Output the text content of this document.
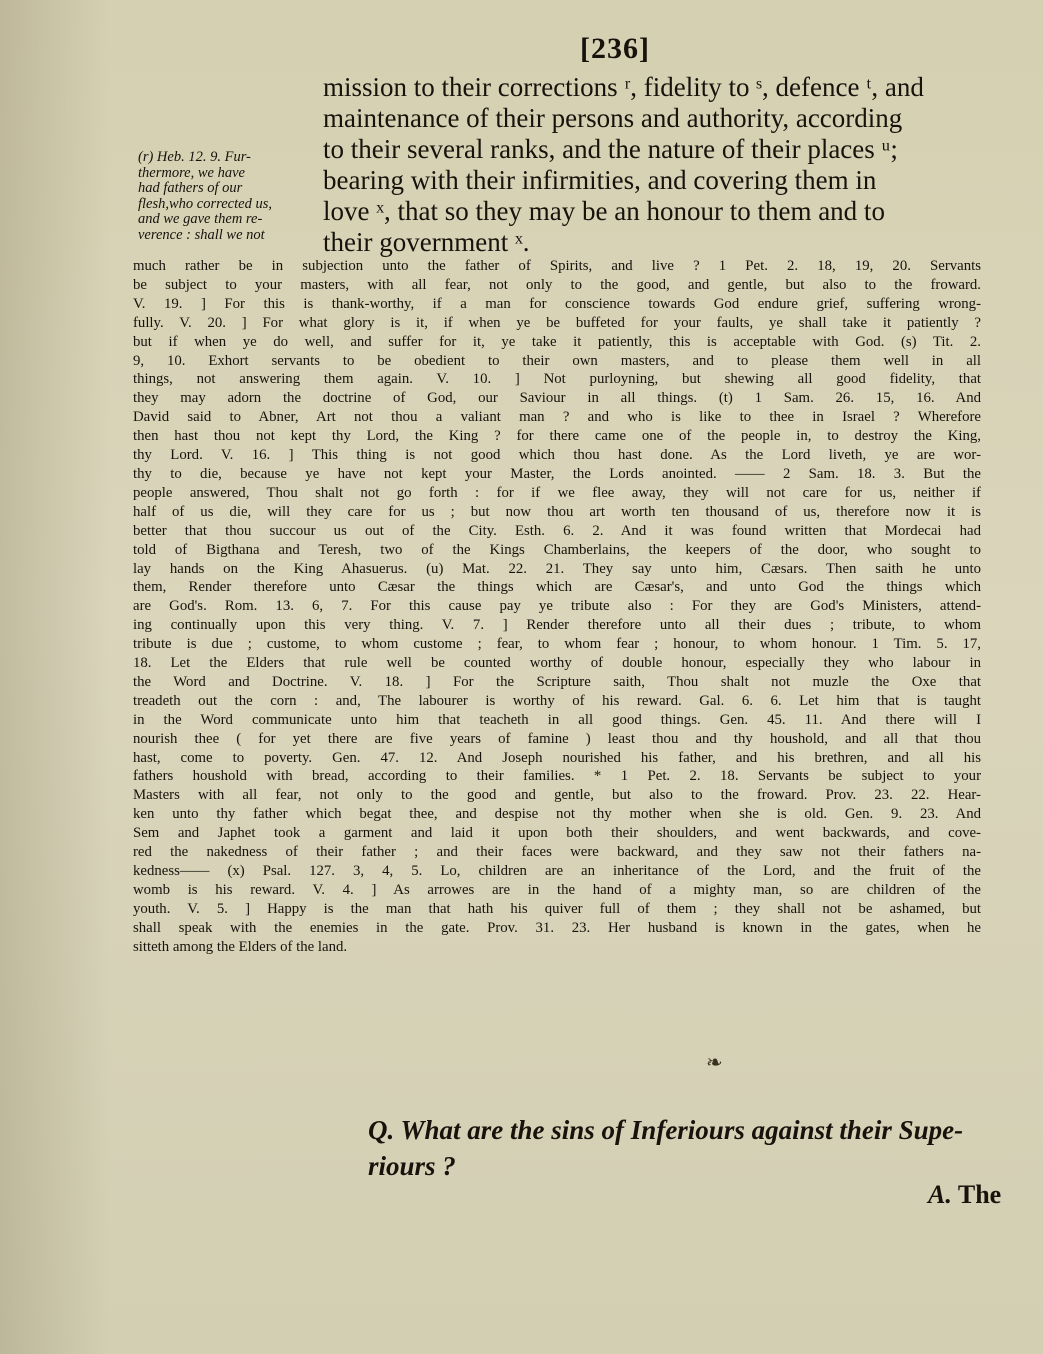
[236]
mission to their corrections ʳ, fidelity to ˢ, defence ᵗ, and
maintenance of their persons and authority, according
to their several ranks, and the nature of their places ᵘ;
bearing with their infirmities, and covering them in
love ˣ, that so they may be an honour to them and to
their government ˣ.
(r) Heb. 12. 9. Fur-
thermore, we have
had fathers of our
flesh,who corrected us,
and we gave them re-
verence : shall we not
much rather be in subjection unto the father of Spirits, and live ? 1 Pet. 2. 18, 19, 20. Servants
be subject to your masters, with all fear, not only to the good, and gentle, but also to the froward.
V. 19. ] For this is thank-worthy, if a man for conscience towards God endure grief, suffering wrong-
fully. V. 20. ] For what glory is it, if when ye be buffeted for your faults, ye shall take it patiently ?
but if when ye do well, and suffer for it, ye take it patiently, this is acceptable with God. (s) Tit. 2.
9, 10. Exhort servants to be obedient to their own masters, and to please them well in all
things, not answering them again. V. 10. ] Not purloyning, but shewing all good fidelity, that
they may adorn the doctrine of God, our Saviour in all things. (t) 1 Sam. 26. 15, 16. And
David said to Abner, Art not thou a valiant man ? and who is like to thee in Israel ? Wherefore
then hast thou not kept thy Lord, the King ? for there came one of the people in, to destroy the King,
thy Lord. V. 16. ] This thing is not good which thou hast done. As the Lord liveth, ye are wor-
thy to die, because ye have not kept your Master, the Lords anointed. —— 2 Sam. 18. 3. But the
people answered, Thou shalt not go forth : for if we flee away, they will not care for us, neither if
half of us die, will they care for us ; but now thou art worth ten thousand of us, therefore now it is
better that thou succour us out of the City. Esth. 6. 2. And it was found written that Mordecai had
told of Bigthana and Teresh, two of the Kings Chamberlains, the keepers of the door, who sought to
lay hands on the King Ahasuerus. (u) Mat. 22. 21. They say unto him, Cæsars. Then saith he unto
them, Render therefore unto Cæsar the things which are Cæsar's, and unto God the things which
are God's. Rom. 13. 6, 7. For this cause pay ye tribute also : For they are God's Ministers, attend-
ing continually upon this very thing. V. 7. ] Render therefore unto all their dues ; tribute, to whom
tribute is due ; custome, to whom custome ; fear, to whom fear ; honour, to whom honour. 1 Tim. 5. 17,
18. Let the Elders that rule well be counted worthy of double honour, especially they who labour in
the Word and Doctrine. V. 18. ] For the Scripture saith, Thou shalt not muzle the Oxe that
treadeth out the corn : and, The labourer is worthy of his reward. Gal. 6. 6. Let him that is taught
in the Word communicate unto him that teacheth in all good things. Gen. 45. 11. And there will I
nourish thee ( for yet there are five years of famine ) least thou and thy houshold, and all that thou
hast, come to poverty. Gen. 47. 12. And Joseph nourished his father, and his brethren, and all his
fathers houshold with bread, according to their families. * 1 Pet. 2. 18. Servants be subject to your
Masters with all fear, not only to the good and gentle, but also to the froward. Prov. 23. 22. Hear-
ken unto thy father which begat thee, and despise not thy mother when she is old. Gen. 9. 23. And
Sem and Japhet took a garment and laid it upon both their shoulders, and went backwards, and cove-
red the nakedness of their father ; and their faces were backward, and they saw not their fathers na-
kedness—— (x) Psal. 127. 3, 4, 5. Lo, children are an inheritance of the Lord, and the fruit of the
womb is his reward. V. 4. ] As arrowes are in the hand of a mighty man, so are children of the
youth. V. 5. ] Happy is the man that hath his quiver full of them ; they shall not be ashamed, but
shall speak with the enemies in the gate. Prov. 31. 23. Her husband is known in the gates, when he
sitteth among the Elders of the land.
❧
Q. What are the sins of Inferiours against their Supe-
riours ?
A. The
